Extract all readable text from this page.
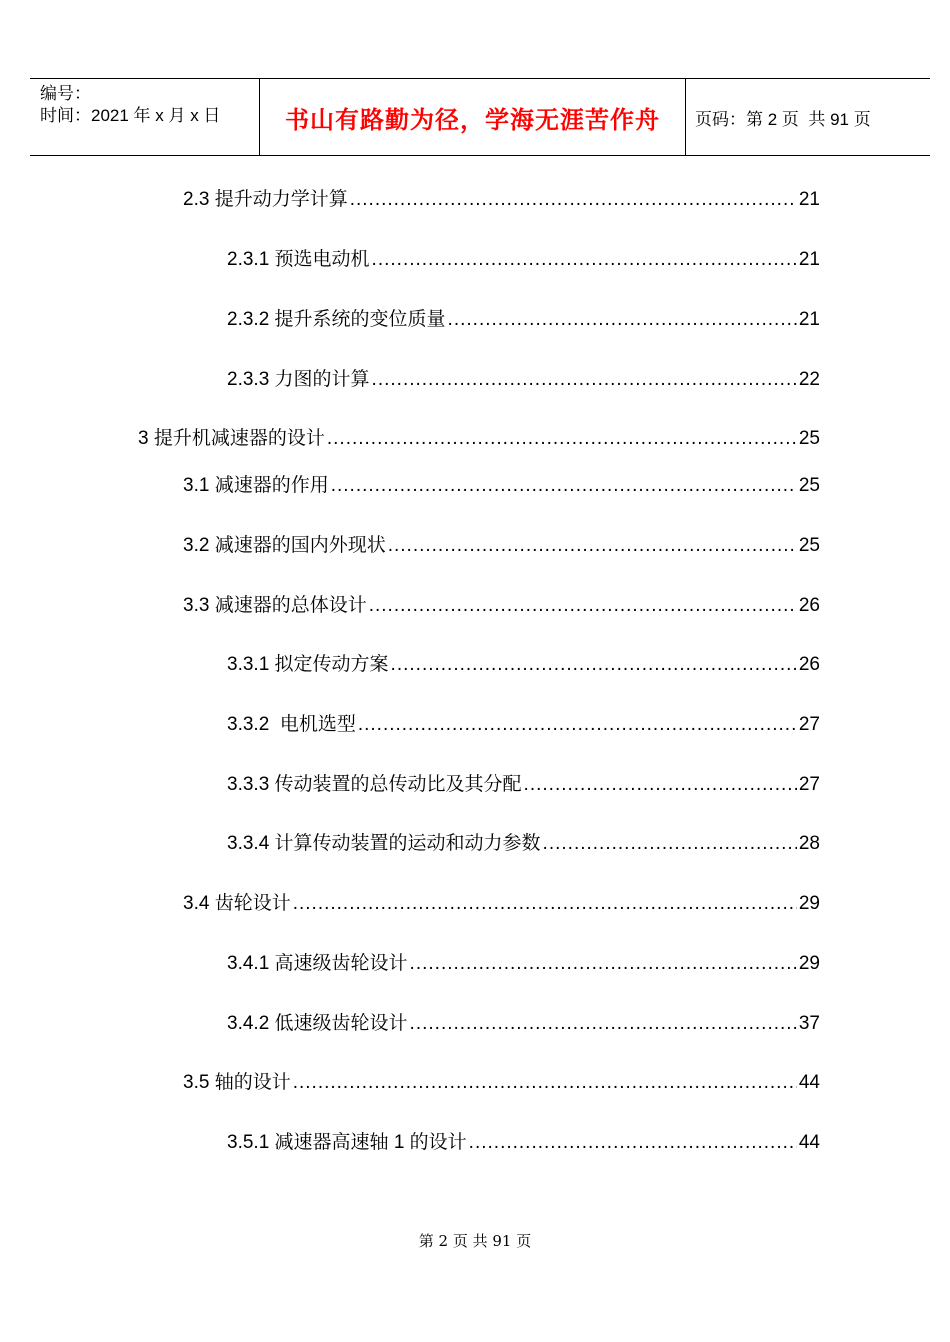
编号：
时间：2021 年 x 月 x 日	书山有路勤为径，学海无涯苦作舟	页码：第 2 页  共 91 页
2.3 提升动力学计算 .....	21
2.3.1 预选电动机 .....	21
2.3.2 提升系统的变位质量 .....	21
2.3.3 力图的计算 .....	22
3 提升机减速器的设计 .....	25
3.1 减速器的作用 .....	25
3.2 减速器的国内外现状 .....	25
3.3 减速器的总体设计 .....	26
3.3.1 拟定传动方案 .....	26
3.3.2  电机选型 .....	27
3.3.3 传动装置的总传动比及其分配 .....	27
3.3.4 计算传动装置的运动和动力参数 .....	28
3.4 齿轮设计 .....	29
3.4.1 高速级齿轮设计 .....	29
3.4.2 低速级齿轮设计 .....	37
3.5 轴的设计 .....	44
3.5.1 减速器高速轴 1 的设计 .....	44
第 2 页 共 91 页
